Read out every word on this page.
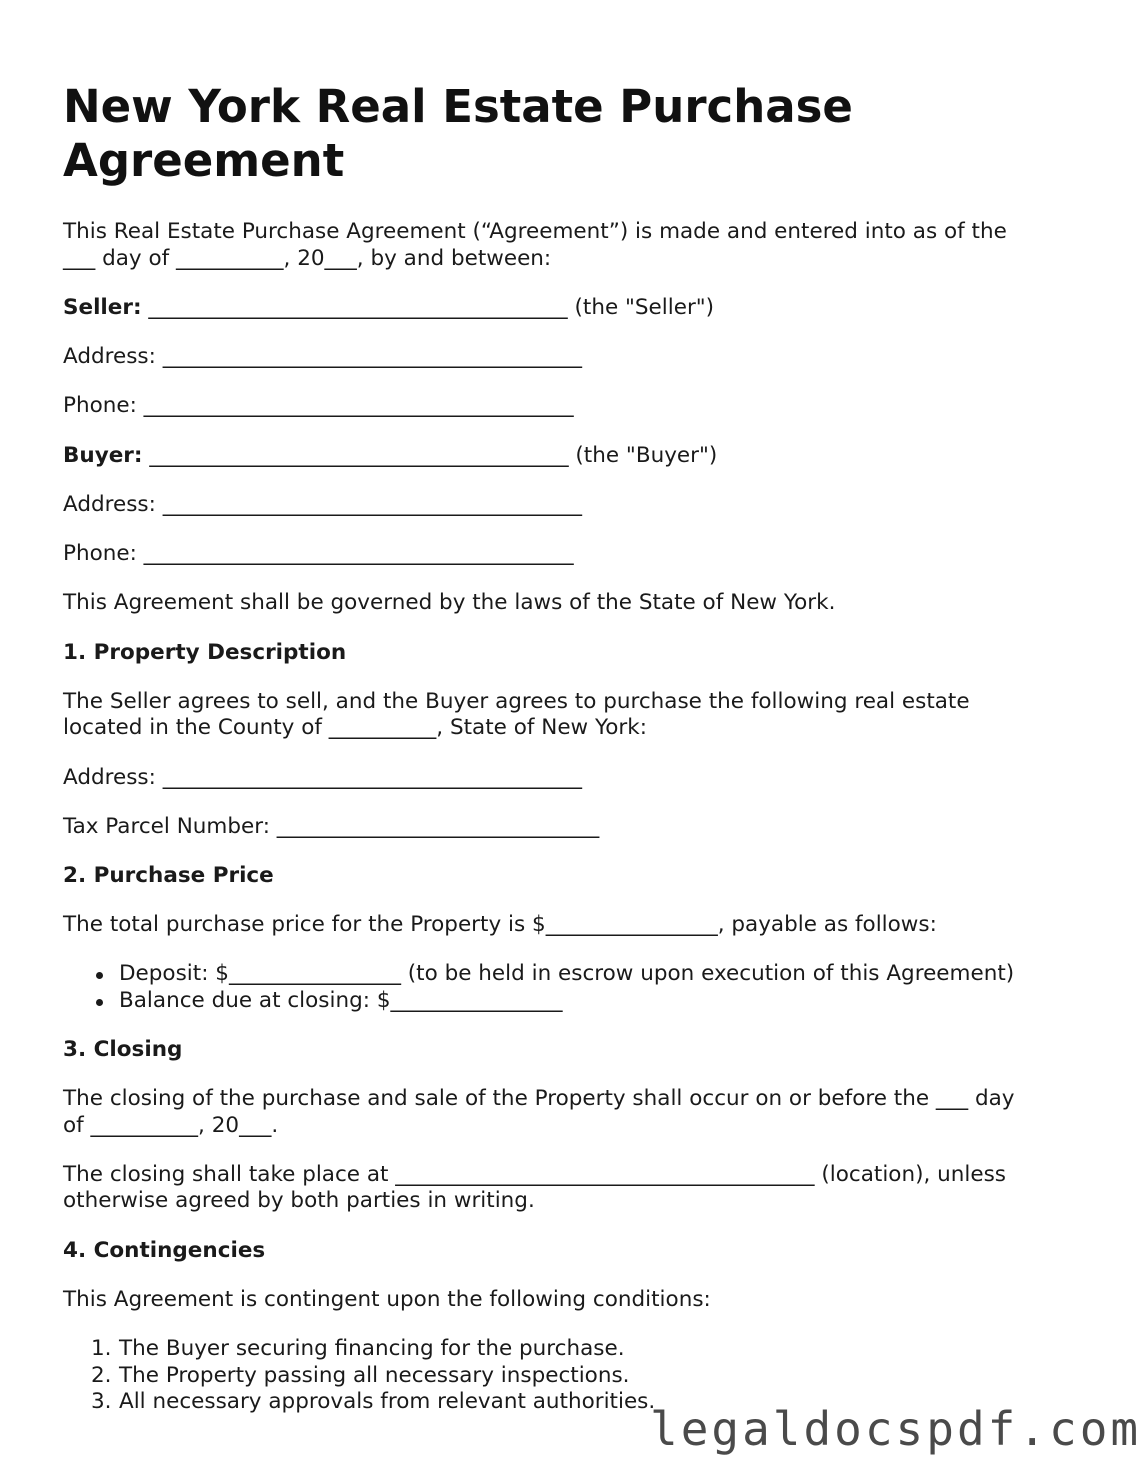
New York Real Estate Purchase Agreement

This Real Estate Purchase Agreement (“Agreement”) is made and entered into as of the

___ day of __________, 20___, by and between:

Seller: _______________________________________ (the "Seller")

Address: _______________________________________

Phone: ________________________________________

Buyer: _______________________________________ (the "Buyer")

Address: _______________________________________

Phone: ________________________________________

This Agreement shall be governed by the laws of the State of New York.

1. Property Description

The Seller agrees to sell, and the Buyer agrees to purchase the following real estate

located in the County of __________, State of New York:

Address: _______________________________________

Tax Parcel Number: ______________________________

2. Purchase Price

The total purchase price for the Property is $________________, payable as follows:

Deposit: $________________ (to be held in escrow upon execution of this Agreement)
Balance due at closing: $________________

3. Closing

The closing of the purchase and sale of the Property shall occur on or before the ___ day

of __________, 20___.

The closing shall take place at _______________________________________ (location), unless

otherwise agreed by both parties in writing.

4. Contingencies

This Agreement is contingent upon the following conditions:

1. The Buyer securing financing for the purchase.
2. The Property passing all necessary inspections.
3. All necessary approvals from relevant authorities.
legaldocspdf.com
